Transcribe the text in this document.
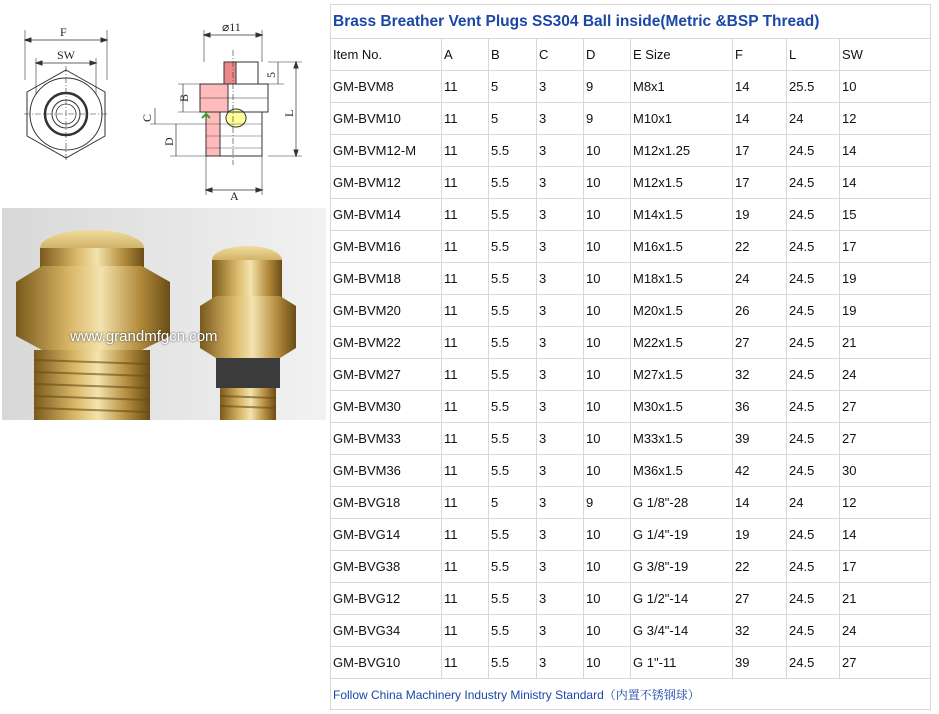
F
SW
⌀11
B
C
D
A
5
L
www.grandmfgcn.com
Brass Breather Vent Plugs SS304 Ball inside(Metric &BSP Thread)								
Item No.	A	B	C	D	E Size	F	L	SW
GM-BVM8	11	5	3	9	M8x1	14	25.5	10
GM-BVM10	11	5	3	9	M10x1	14	24	12
GM-BVM12-M	11	5.5	3	10	M12x1.25	17	24.5	14
GM-BVM12	11	5.5	3	10	M12x1.5	17	24.5	14
GM-BVM14	11	5.5	3	10	M14x1.5	19	24.5	15
GM-BVM16	11	5.5	3	10	M16x1.5	22	24.5	17
GM-BVM18	11	5.5	3	10	M18x1.5	24	24.5	19
GM-BVM20	11	5.5	3	10	M20x1.5	26	24.5	19
GM-BVM22	11	5.5	3	10	M22x1.5	27	24.5	21
GM-BVM27	11	5.5	3	10	M27x1.5	32	24.5	24
GM-BVM30	11	5.5	3	10	M30x1.5	36	24.5	27
GM-BVM33	11	5.5	3	10	M33x1.5	39	24.5	27
GM-BVM36	11	5.5	3	10	M36x1.5	42	24.5	30
GM-BVG18	11	5	3	9	G 1/8"-28	14	24	12
GM-BVG14	11	5.5	3	10	G 1/4"-19	19	24.5	14
GM-BVG38	11	5.5	3	10	G 3/8"-19	22	24.5	17
GM-BVG12	11	5.5	3	10	G 1/2"-14	27	24.5	21
GM-BVG34	11	5.5	3	10	G 3/4"-14	32	24.5	24
GM-BVG10	11	5.5	3	10	G 1"-11	39	24.5	27
Follow China Machinery Industry Ministry Standard（内置不锈钢球）								
